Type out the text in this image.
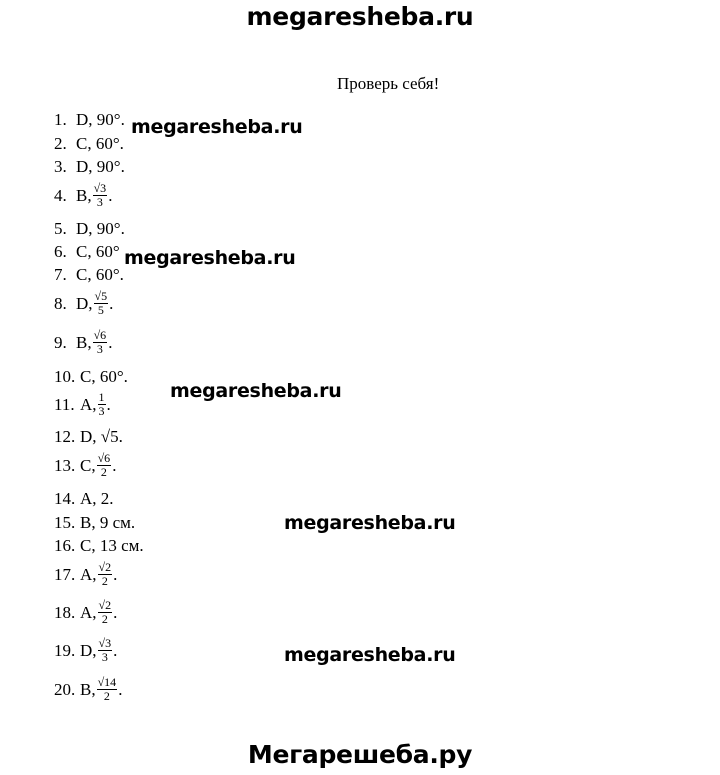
megaresheba.ru
Проверь себя!
1. D,
90°.
2. C,
60°.
3. D,
90°.
4. B, $\frac{√3}{3}$ .
5. D,
90°.
6. C,
60°
7. C,
60°.
8. D, $\frac{√5}{5}$ .
9. B, $\frac{√6}{3}$ .
10. C,
60°.
11. A, $\frac{1}{3}$ .
12. D,
√5.
13. C, $\frac{√6}{2}$ .
14. A,
2.
15. B,
9 см.
16. C,
13 см.
17. A, $\frac{√2}{2}$ .
18. A, $\frac{√2}{2}$ .
19. D, $\frac{√3}{3}$ .
20. B, $\frac{√14}{2}$ .
megaresheba.ru
megaresheba.ru
megaresheba.ru
megaresheba.ru
megaresheba.ru
Мегарешеба.ру
